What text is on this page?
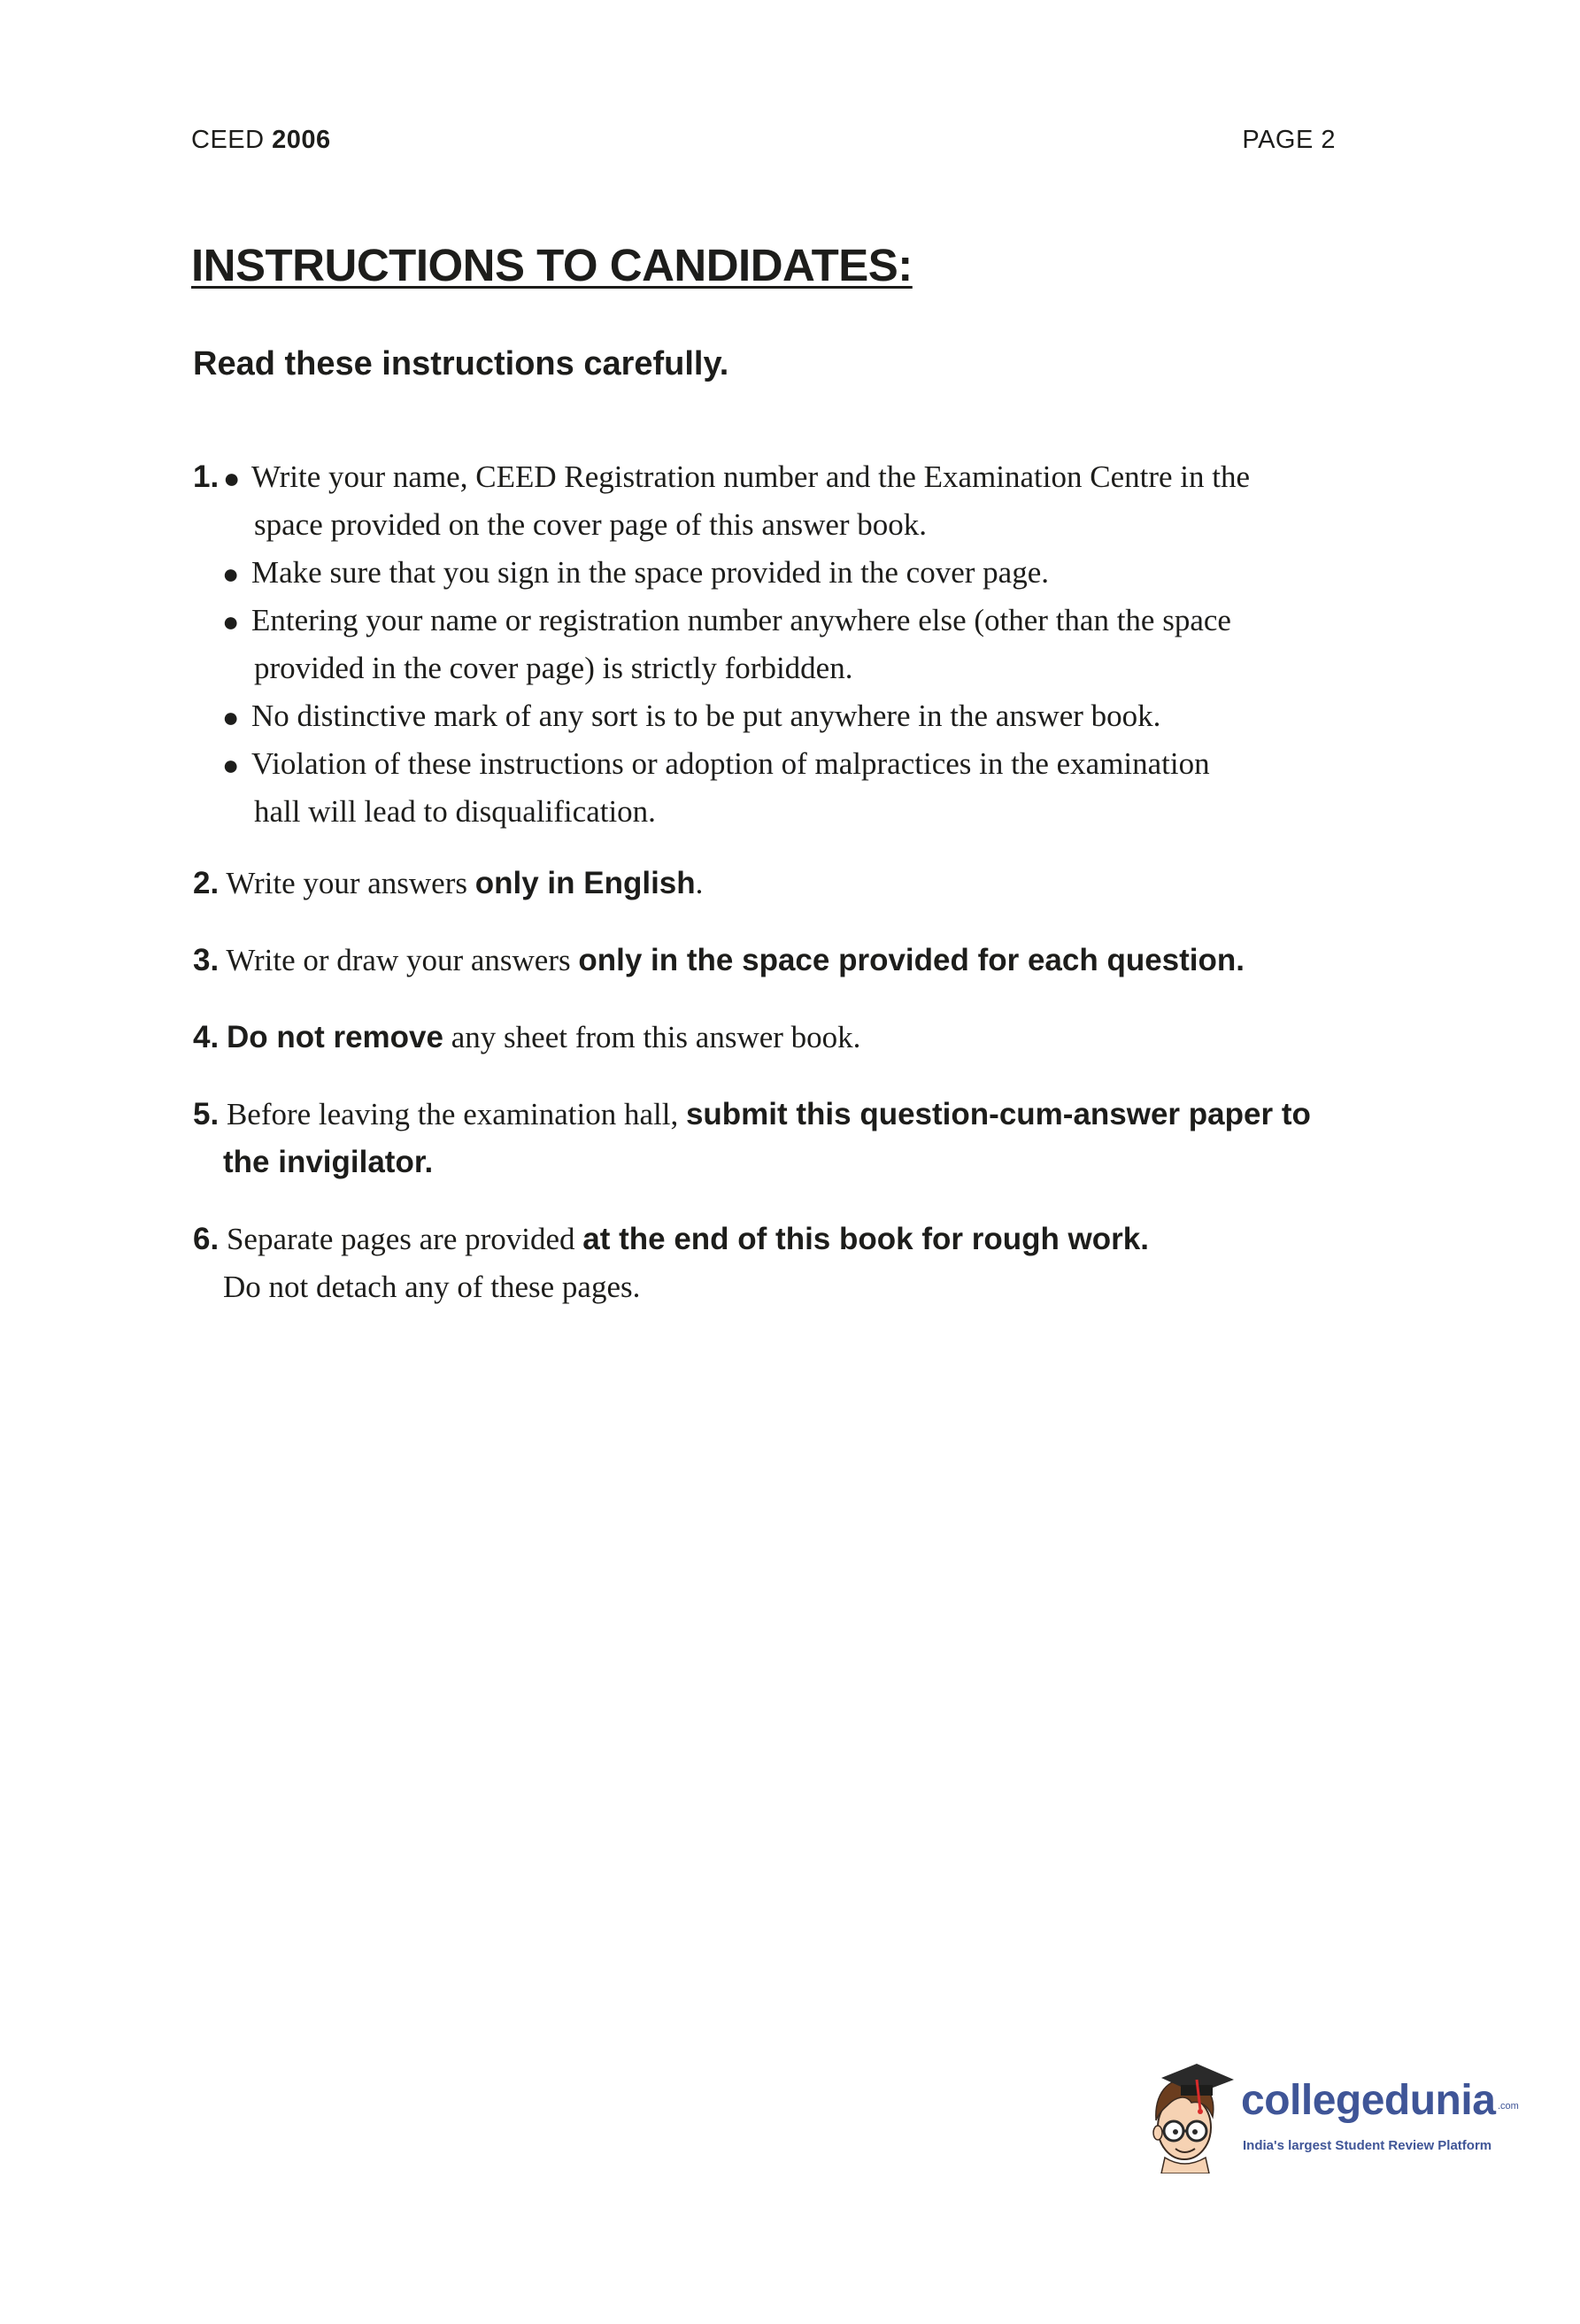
CEED 2006	PAGE 2
INSTRUCTIONS TO CANDIDATES:
Read these instructions carefully.
1. ● Write your name, CEED Registration number and the Examination Centre in the
space provided on the cover page of this answer book.
● Make sure that you sign in the space provided in the cover page.
● Entering your name or registration number anywhere else (other than the space
provided in the cover page) is strictly forbidden.
● No distinctive mark of any sort is to be put anywhere in the answer book.
● Violation of these instructions or adoption of malpractices in the examination
hall will lead to disqualification.
2. Write your answers only in English.
3. Write or draw your answers only in the space provided for each question.
4. Do not remove any sheet from this answer book.
5. Before leaving the examination hall, submit this question-cum-answer paper to
the invigilator.
6. Separate pages are provided at the end of this book for rough work.
Do not detach any of these pages.
collegedunia .com
India's largest Student Review Platform
